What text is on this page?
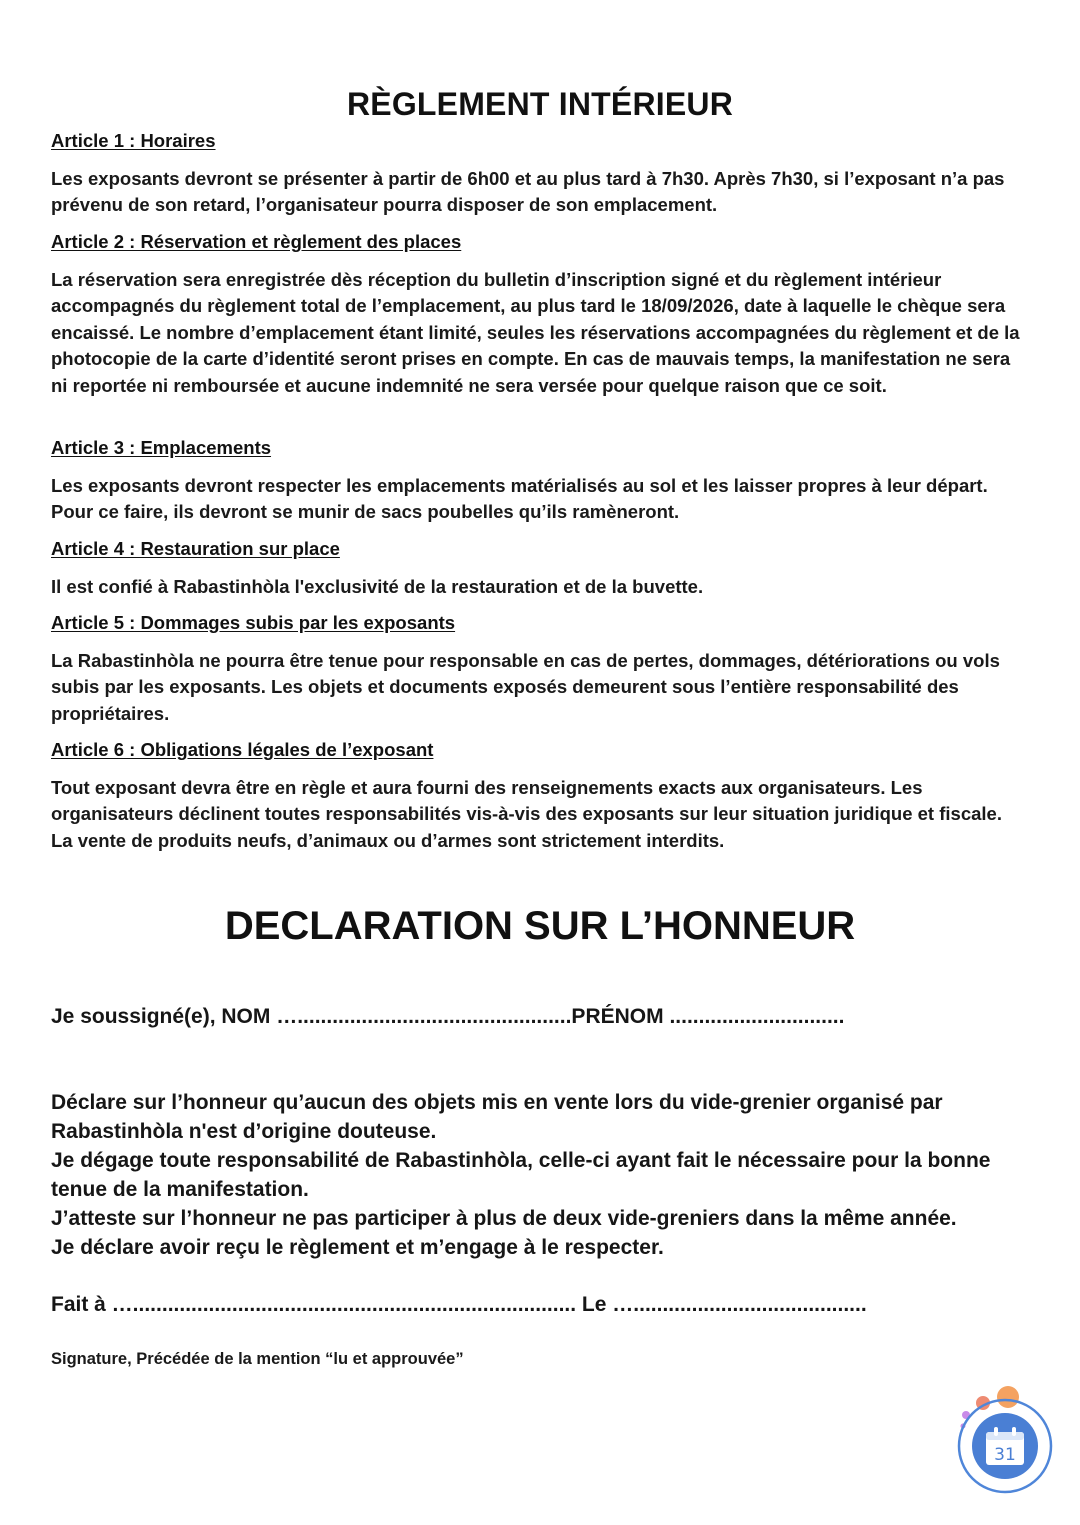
RÈGLEMENT INTÉRIEUR

Article 1 : Horaires

Les exposants devront se présenter à partir de 6h00 et au plus tard à 7h30. Après 7h30, si l’exposant n’a pas prévenu de son retard, l’organisateur pourra disposer de son emplacement.

Article 2 : Réservation et règlement des places

La réservation sera enregistrée dès réception du bulletin d’inscription signé et du règlement intérieur accompagnés du règlement total de l’emplacement, au plus tard le 18/09/2026, date à laquelle le chèque sera encaissé. Le nombre d’emplacement étant limité, seules les réservations accompagnées du règlement et de la photocopie de la carte d’identité seront prises en compte. En cas de mauvais temps, la manifestation ne sera ni reportée ni remboursée et aucune indemnité ne sera versée pour quelque raison que ce soit.

Article 3 : Emplacements

Les exposants devront respecter les emplacements matérialisés au sol et les laisser propres à leur départ. Pour ce faire, ils devront se munir de sacs poubelles qu’ils ramèneront.

Article 4 : Restauration sur place

Il est confié à Rabastinhòla l'exclusivité de la restauration et de la buvette.

Article 5 : Dommages subis par les exposants

La Rabastinhòla ne pourra être tenue pour responsable en cas de pertes, dommages, détériorations ou vols subis par les exposants. Les objets et documents exposés demeurent sous l’entière responsabilité des propriétaires.

Article 6 : Obligations légales de l’exposant

Tout exposant devra être en règle et aura fourni des renseignements exacts aux organisateurs. Les organisateurs déclinent toutes responsabilités vis-à-vis des exposants sur leur situation juridique et fiscale. La vente de produits neufs, d’animaux ou d’armes sont strictement interdits.

DECLARATION SUR L’HONNEUR
Je soussigné(e), NOM …...............................................PRÉNOM ..............................

Déclare sur l’honneur qu’aucun des objets mis en vente lors du vide-grenier organisé par Rabastinhòla n'est d’origine douteuse.

Je dégage toute responsabilité de Rabastinhòla, celle-ci ayant fait le nécessaire pour la bonne tenue de la manifestation.

J’atteste sur l’honneur ne pas participer à plus de deux vide-greniers dans la même année.

Je déclare avoir reçu le règlement et m’engage à le respecter.

Fait à …............................................................................ Le …........................................
Signature, Précédée de la mention “lu et approuvée”
31
